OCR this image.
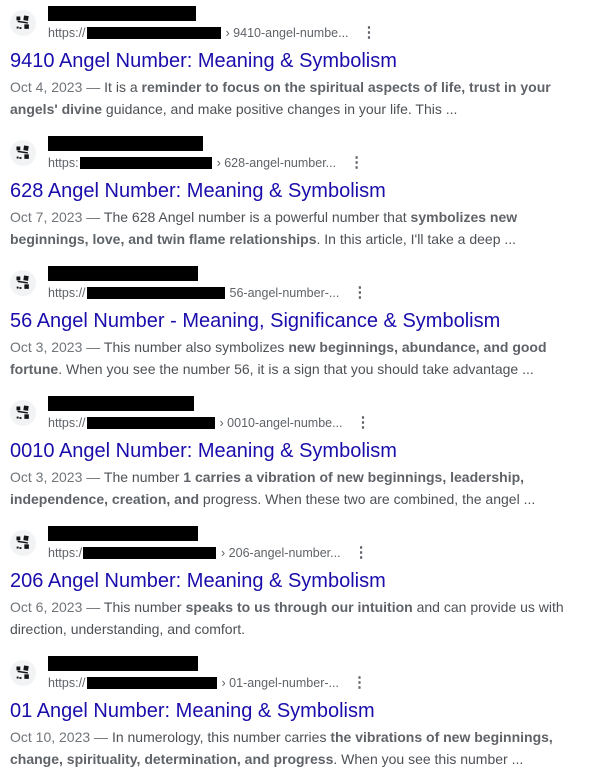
https://	› 9410-angel-numbe... ⋮
9410 Angel Number: Meaning & Symbolism
Oct 4, 2023 — It is a reminder to focus on the spiritual aspects of life, trust in your angels' divine guidance, and make positive changes in your life. This ...
https:	› 628-angel-number... ⋮
628 Angel Number: Meaning & Symbolism
Oct 7, 2023 — The 628 Angel number is a powerful number that symbolizes new beginnings, love, and twin flame relationships. In this article, I'll take a deep ...
https://	56-angel-number-... ⋮
56 Angel Number - Meaning, Significance & Symbolism
Oct 3, 2023 — This number also symbolizes new beginnings, abundance, and good fortune. When you see the number 56, it is a sign that you should take advantage ...
https://	› 0010-angel-numbe... ⋮
0010 Angel Number: Meaning & Symbolism
Oct 3, 2023 — The number 1 carries a vibration of new beginnings, leadership, independence, creation, and progress. When these two are combined, the angel ...
https:/	› 206-angel-number... ⋮
206 Angel Number: Meaning & Symbolism
Oct 6, 2023 — This number speaks to us through our intuition and can provide us with direction, understanding, and comfort.
https://	› 01-angel-number-... ⋮
01 Angel Number: Meaning & Symbolism
Oct 10, 2023 — In numerology, this number carries the vibrations of new beginnings, change, spirituality, determination, and progress. When you see this number ...
